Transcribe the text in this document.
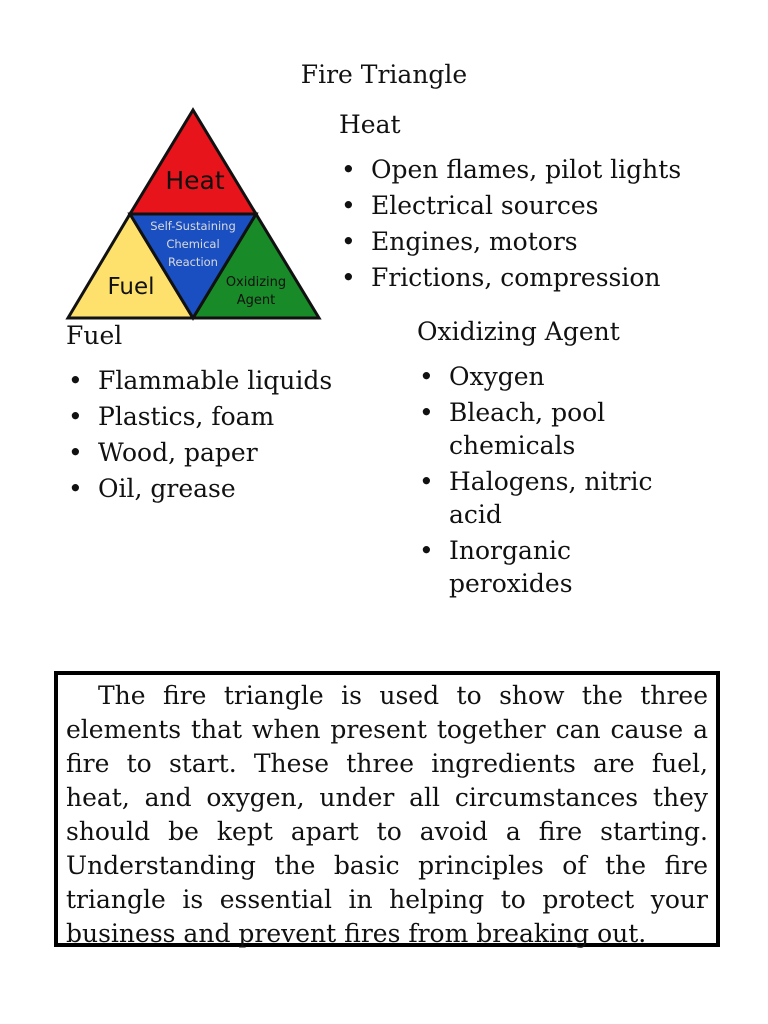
Fire Triangle
Heat
Fuel	Oxidizing
Agent
Self-Sustaining
Chemical
Reaction
Heat
• Open flames, pilot lights
• Electrical sources
• Engines, motors
• Frictions, compression
Fuel
• Flammable liquids
• Plastics, foam
• Wood, paper
• Oil, grease
Oxidizing Agent
• Oxygen
• Bleach, pool chemicals
• Halogens, nitric acid
• Inorganic peroxides

The fire triangle is used to show the three elements that when present together can cause a fire to start. These three ingredients are fuel, heat, and oxygen, under all circumstances they should be kept apart to avoid a fire starting. Understanding the basic principles of the fire triangle is essential in helping to protect your business and prevent fires from breaking out.
